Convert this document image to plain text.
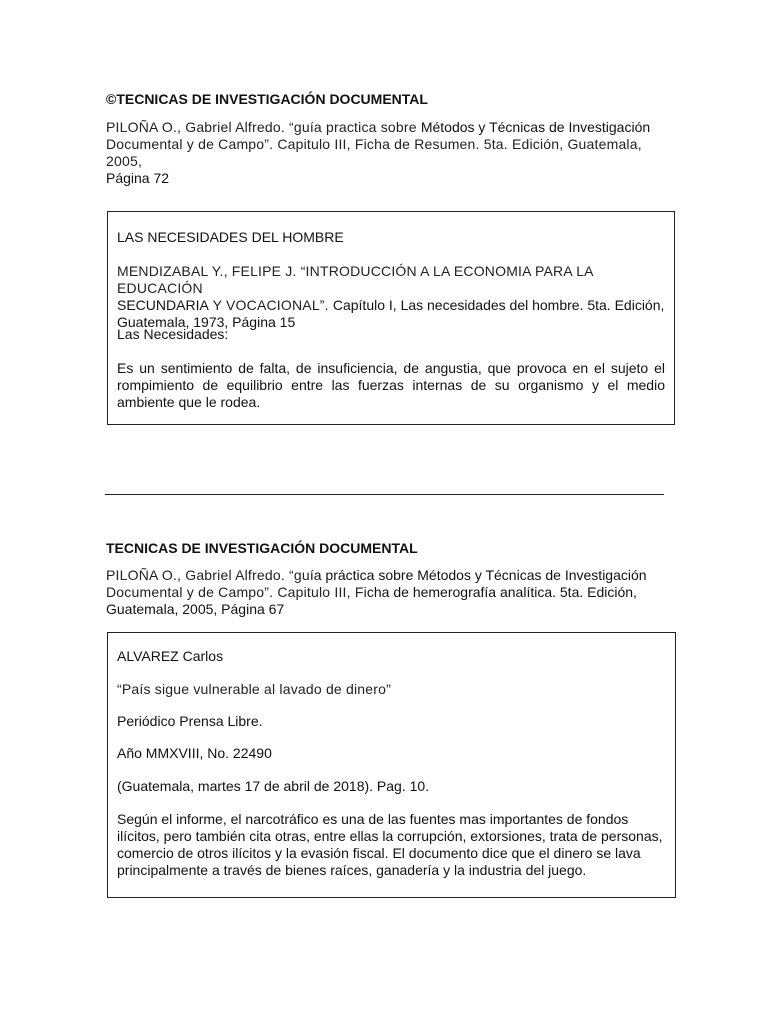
©TECNICAS DE INVESTIGACIÓN DOCUMENTAL
PILOÑA O., Gabriel Alfredo. “guía practica sobre Métodos y Técnicas de Investigación
Documental y de Campo”. Capitulo III, Ficha de Resumen. 5ta. Edición, Guatemala, 2005,
Página 72

LAS NECESIDADES DEL HOMBRE

MENDIZABAL Y., FELIPE J. “INTRODUCCIÓN A LA ECONOMIA PARA LA EDUCACIÓN
SECUNDARIA Y VOCACIONAL”. Capítulo I, Las necesidades del hombre. 5ta. Edición,
Guatemala, 1973, Página 15

Las Necesidades:

Es un sentimiento de falta, de insuficiencia, de angustia, que provoca en el sujeto el rompimiento de equilibrio entre las fuerzas internas de su organismo y el medio ambiente que le rodea.

TECNICAS DE INVESTIGACIÓN DOCUMENTAL
PILOÑA O., Gabriel Alfredo. “guía práctica sobre Métodos y Técnicas de Investigación
Documental y de Campo”. Capitulo III, Ficha de hemerografía analítica. 5ta. Edición,
Guatemala, 2005, Página 67

ALVAREZ Carlos

“País sigue vulnerable al lavado de dinero”

Periódico Prensa Libre.

Año MMXVIII, No. 22490

(Guatemala, martes 17 de abril de 2018). Pag. 10.

Según el informe, el narcotráfico es una de las fuentes mas importantes de fondos ilícitos, pero también cita otras, entre ellas la corrupción, extorsiones, trata de personas, comercio de otros ilícitos y la evasión fiscal. El documento dice que el dinero se lava principalmente a través de bienes raíces, ganadería y la industria del juego.
